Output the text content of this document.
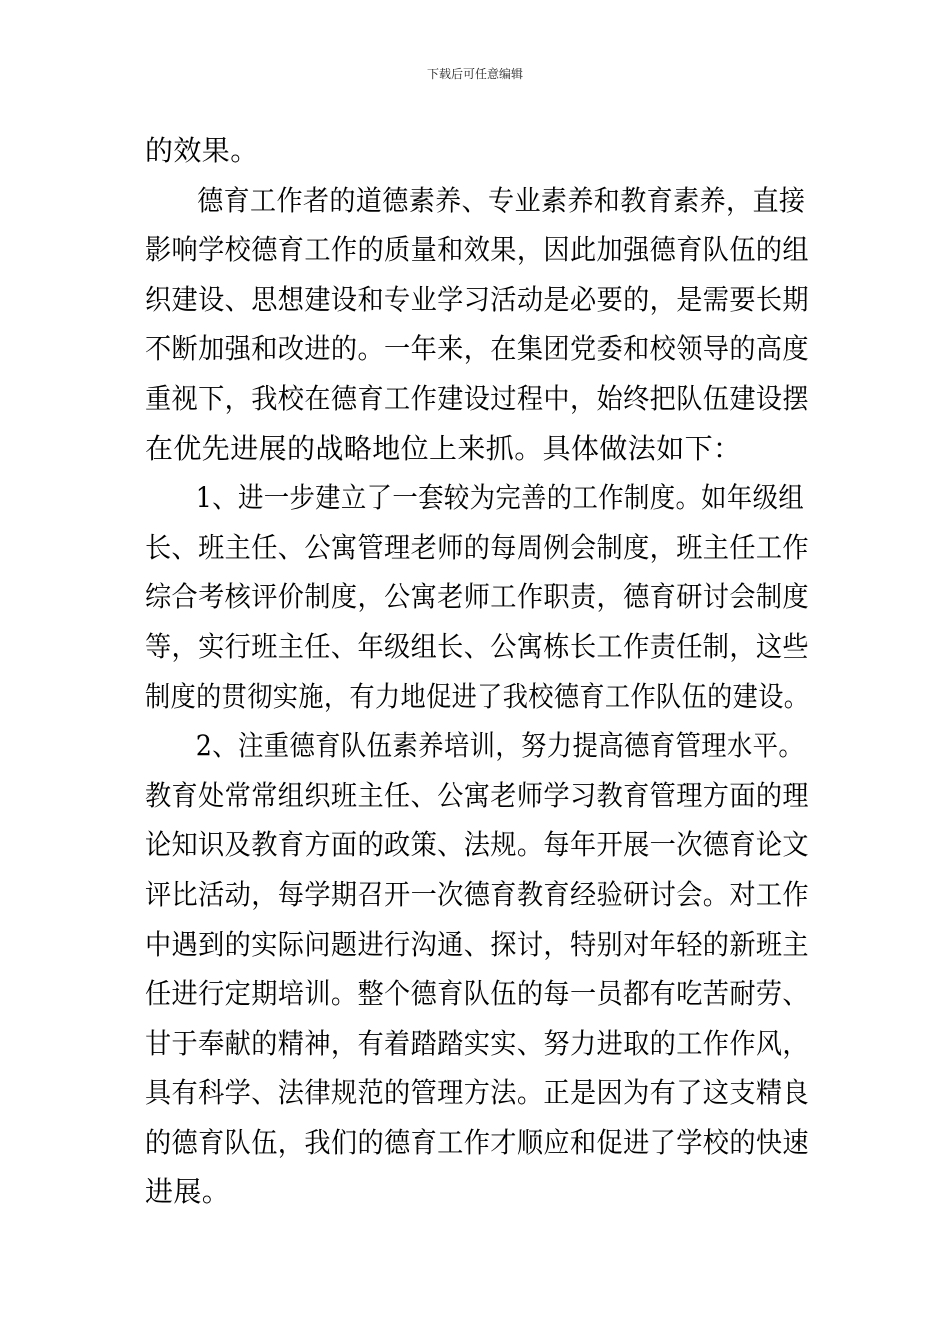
下载后可任意编辑
的效果。
德育工作者的道德素养、专业素养和教育素养，直接
影响学校德育工作的质量和效果，因此加强德育队伍的组
织建设、思想建设和专业学习活动是必要的，是需要长期
不断加强和改进的。一年来，在集团党委和校领导的高度
重视下，我校在德育工作建设过程中，始终把队伍建设摆
在优先进展的战略地位上来抓。具体做法如下：
1、进一步建立了一套较为完善的工作制度。如年级组
长、班主任、公寓管理老师的每周例会制度，班主任工作
综合考核评价制度，公寓老师工作职责，德育研讨会制度
等，实行班主任、年级组长、公寓栋长工作责任制，这些
制度的贯彻实施，有力地促进了我校德育工作队伍的建设。
2、注重德育队伍素养培训，努力提高德育管理水平。
教育处常常组织班主任、公寓老师学习教育管理方面的理
论知识及教育方面的政策、法规。每年开展一次德育论文
评比活动，每学期召开一次德育教育经验研讨会。对工作
中遇到的实际问题进行沟通、探讨，特别对年轻的新班主
任进行定期培训。整个德育队伍的每一员都有吃苦耐劳、
甘于奉献的精神，有着踏踏实实、努力进取的工作作风，
具有科学、法律规范的管理方法。正是因为有了这支精良
的德育队伍，我们的德育工作才顺应和促进了学校的快速
进展。
